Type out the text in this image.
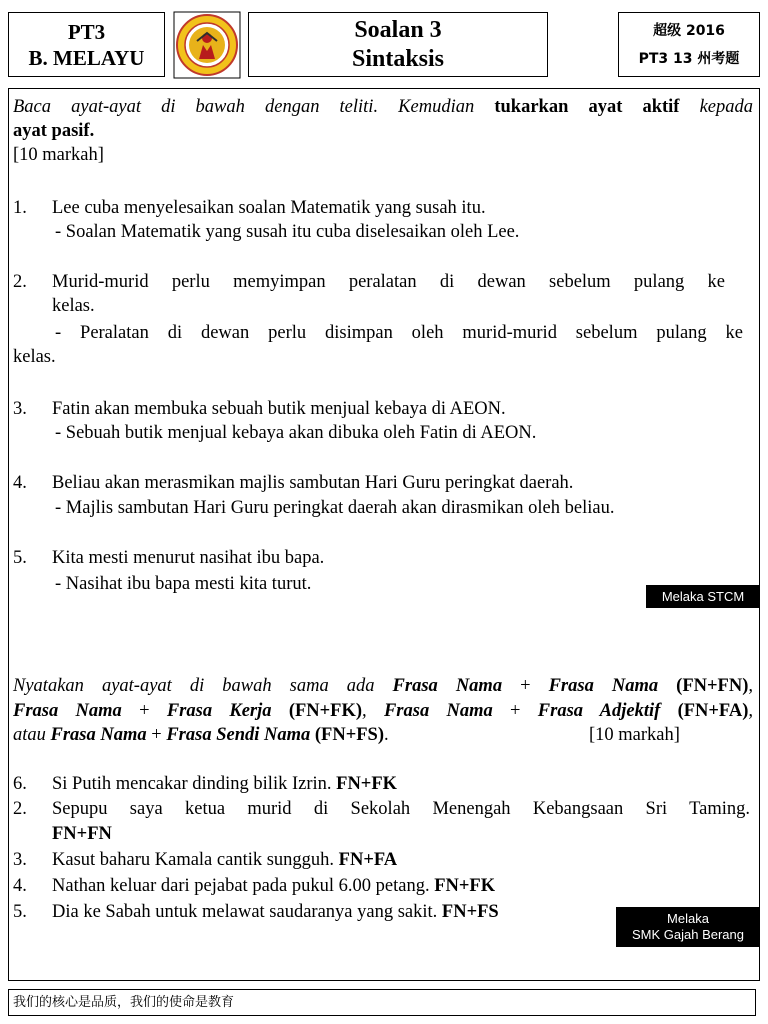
PT3
B. MELAYU
Soalan 3
Sintaksis
超级 2016
PT3 13 州考题
Baca ayat-ayat di bawah dengan teliti. Kemudian tukarkan ayat aktif kepada
ayat pasif.
[10 markah]
1. Lee cuba menyelesaikan soalan Matematik yang susah itu.
- Soalan Matematik yang susah itu cuba diselesaikan oleh Lee.
2. Murid-murid perlu memyimpan peralatan di dewan sebelum pulang ke
kelas.
- Peralatan di dewan perlu disimpan oleh murid-murid sebelum pulang ke
kelas.
3. Fatin akan membuka sebuah butik menjual kebaya di AEON.
- Sebuah butik menjual kebaya akan dibuka oleh Fatin di AEON.
4. Beliau akan merasmikan majlis sambutan Hari Guru peringkat daerah.
- Majlis sambutan Hari Guru peringkat daerah akan dirasmikan oleh beliau.
5. Kita mesti menurut nasihat ibu bapa.
- Nasihat ibu bapa mesti kita turut.
Melaka STCM
Nyatakan ayat-ayat di bawah sama ada Frasa Nama + Frasa Nama (FN+FN),
Frasa Nama + Frasa Kerja (FN+FK), Frasa Nama + Frasa Adjektif (FN+FA),
atau Frasa Nama + Frasa Sendi Nama (FN+FS).	[10 markah]
6. Si Putih mencakar dinding bilik Izrin. FN+FK
2. Sepupu saya ketua murid di Sekolah Menengah Kebangsaan Sri Taming.
FN+FN
3. Kasut baharu Kamala cantik sungguh. FN+FA
4. Nathan keluar dari pejabat pada pukul 6.00 petang. FN+FK
5. Dia ke Sabah untuk melawat saudaranya yang sakit. FN+FS	Melaka
SMK Gajah Berang
我们的核心是品质，我们的使命是教育
